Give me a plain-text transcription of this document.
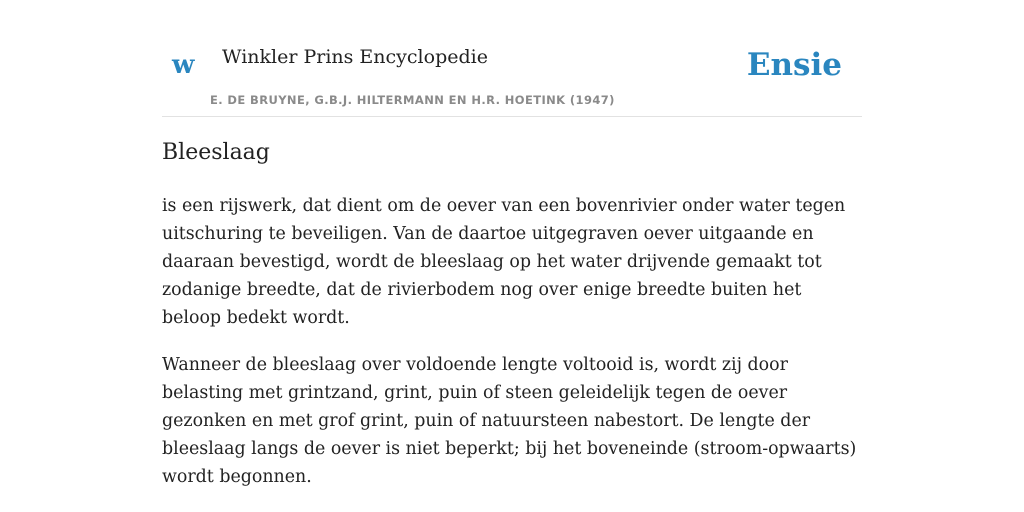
w Winkler Prins Encyclopedie
E. DE BRUYNE, G.B.J. HILTERMANN EN H.R. HOETINK (1947)
Ensie
Bleeslaag

is een rijswerk, dat dient om de oever van een bovenrivier onder water tegen uitschuring te beveiligen. Van de daartoe uitgegraven oever uitgaande en daaraan bevestigd, wordt de bleeslaag op het water drijvende gemaakt tot zodanige breedte, dat de rivierbodem nog over enige breedte buiten het beloop bedekt wordt.

Wanneer de bleeslaag over voldoende lengte voltooid is, wordt zij door belasting met grintzand, grint, puin of steen geleidelijk tegen de oever gezonken en met grof grint, puin of natuursteen nabestort. De lengte der bleeslaag langs de oever is niet beperkt; bij het boveneinde (stroom-opwaarts) wordt begonnen.
